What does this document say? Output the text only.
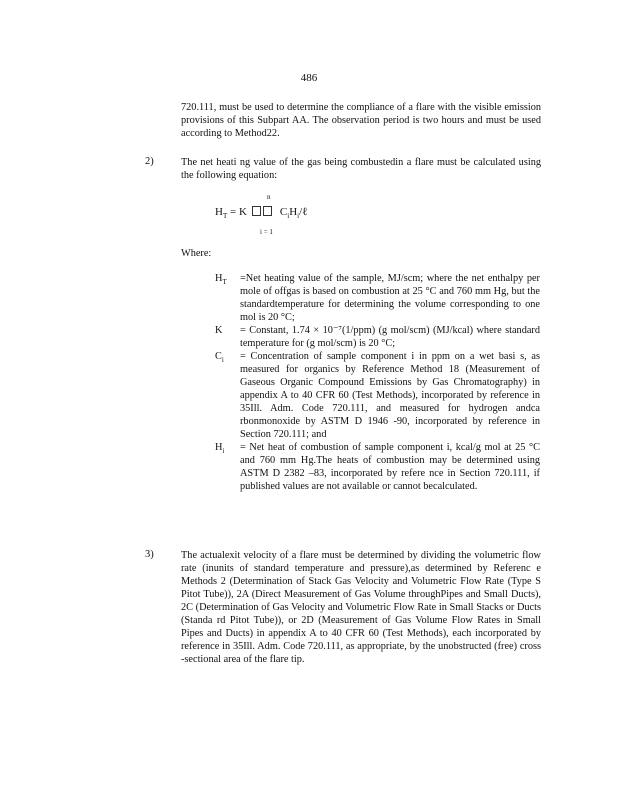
486

720.111, must be used to determine the compliance of a flare with the visible emission provisions of this Subpart AA. The observation period is two hours and must be used according to Method22.

2)	The net heati ng value of the gas being combustedin a flare must be calculated using the following equation:

n
$H_T = K$	$C_iH_i/\ell$
i = 1
Where:
$H_T =Net$ heating value of the sample, MJ/scm; where the net enthalpy per mole of offgas is based on combustion at 25 °C and 760 mm Hg, but the standardtemperature for determining the volume corresponding to one mol is 20 °C;
K = Constant, 1.74 × 10⁻⁷(1/ppm) (g mol/scm) (MJ/kcal) where standard temperature for (g mol/scm) is 20 °C;
$C_i$ = Concentration of sample component i in ppm on a wet basi s, as measured for organics by Reference Method 18 (Measurement of Gaseous Organic Compound Emissions by Gas Chromatography) in appendix A to 40 CFR 60 (Test Methods), incorporated by reference in 35Ill. Adm. Code 720.111, and measured for hydrogen andca rbonmonoxide by ASTM D 1946 -90, incorporated by reference in Section 720.111; and
$H_i$ = Net heat of combustion of sample component i, kcal/g mol at 25 °C and 760 mm Hg.The heats of combustion may be determined using ASTM D 2382 –83, incorporated by refere nce in Section 720.111, if published values are not available or cannot becalculated.
3)	The actualexit velocity of a flare must be determined by dividing the volumetric flow rate (inunits of standard temperature and pressure),as determined by Referenc e Methods 2 (Determination of Stack Gas Velocity and Volumetric Flow Rate (Type S Pitot Tube)), 2A (Direct Measurement of Gas Volume throughPipes and Small Ducts), 2C (Determination of Gas Velocity and Volumetric Flow Rate in Small Stacks or Ducts (Standa rd Pitot Tube)), or 2D (Measurement of Gas Volume Flow Rates in Small Pipes and Ducts) in appendix A to 40 CFR 60 (Test Methods), each incorporated by reference in 35Ill. Adm. Code 720.111, as appropriate, by the unobstructed (free) cross -sectional area of the flare tip.
